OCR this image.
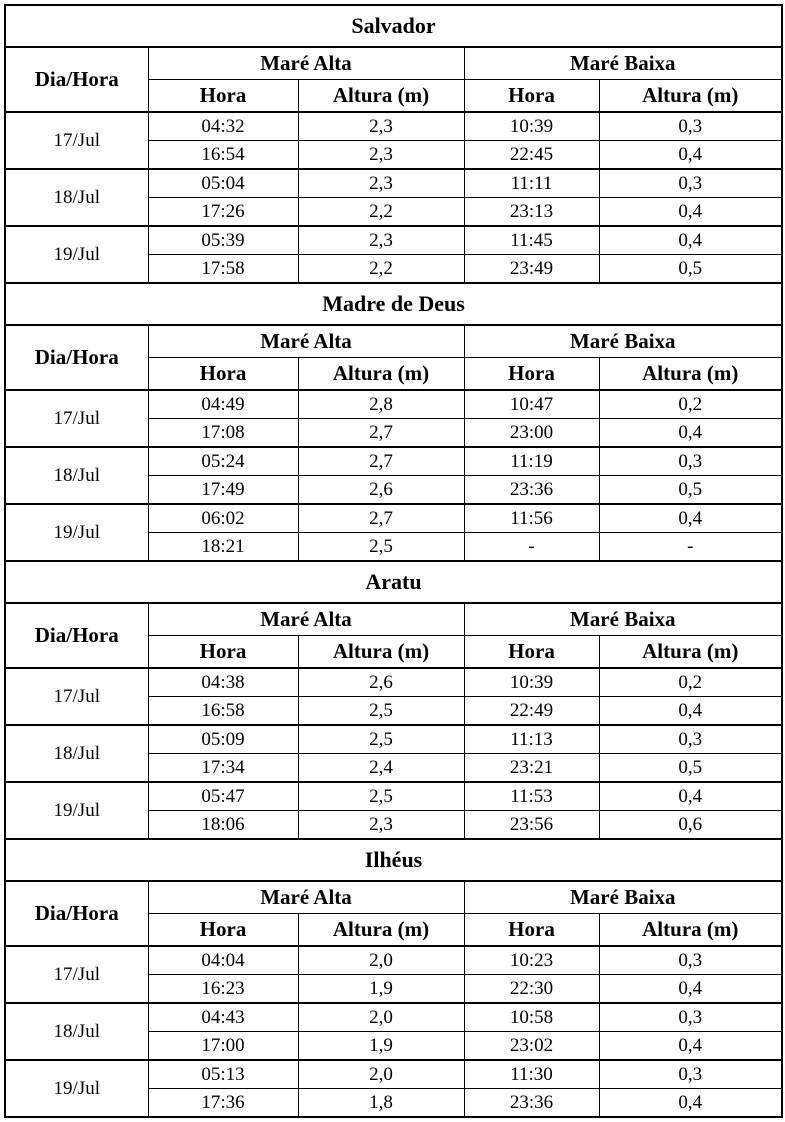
Salvador				
Dia/Hora	Maré Alta		Maré Baixa	
	Hora	Altura (m)	Hora	Altura (m)
17/Jul	04:32	2,3	10:39	0,3
	16:54	2,3	22:45	0,4
18/Jul	05:04	2,3	11:11	0,3
	17:26	2,2	23:13	0,4
19/Jul	05:39	2,3	11:45	0,4
	17:58	2,2	23:49	0,5
Madre de Deus				
Dia/Hora	Maré Alta		Maré Baixa	
	Hora	Altura (m)	Hora	Altura (m)
17/Jul	04:49	2,8	10:47	0,2
	17:08	2,7	23:00	0,4
18/Jul	05:24	2,7	11:19	0,3
	17:49	2,6	23:36	0,5
19/Jul	06:02	2,7	11:56	0,4
	18:21	2,5	-	-
Aratu				
Dia/Hora	Maré Alta		Maré Baixa	
	Hora	Altura (m)	Hora	Altura (m)
17/Jul	04:38	2,6	10:39	0,2
	16:58	2,5	22:49	0,4
18/Jul	05:09	2,5	11:13	0,3
	17:34	2,4	23:21	0,5
19/Jul	05:47	2,5	11:53	0,4
	18:06	2,3	23:56	0,6
Ilhéus				
Dia/Hora	Maré Alta		Maré Baixa	
	Hora	Altura (m)	Hora	Altura (m)
17/Jul	04:04	2,0	10:23	0,3
	16:23	1,9	22:30	0,4
18/Jul	04:43	2,0	10:58	0,3
	17:00	1,9	23:02	0,4
19/Jul	05:13	2,0	11:30	0,3
	17:36	1,8	23:36	0,4
